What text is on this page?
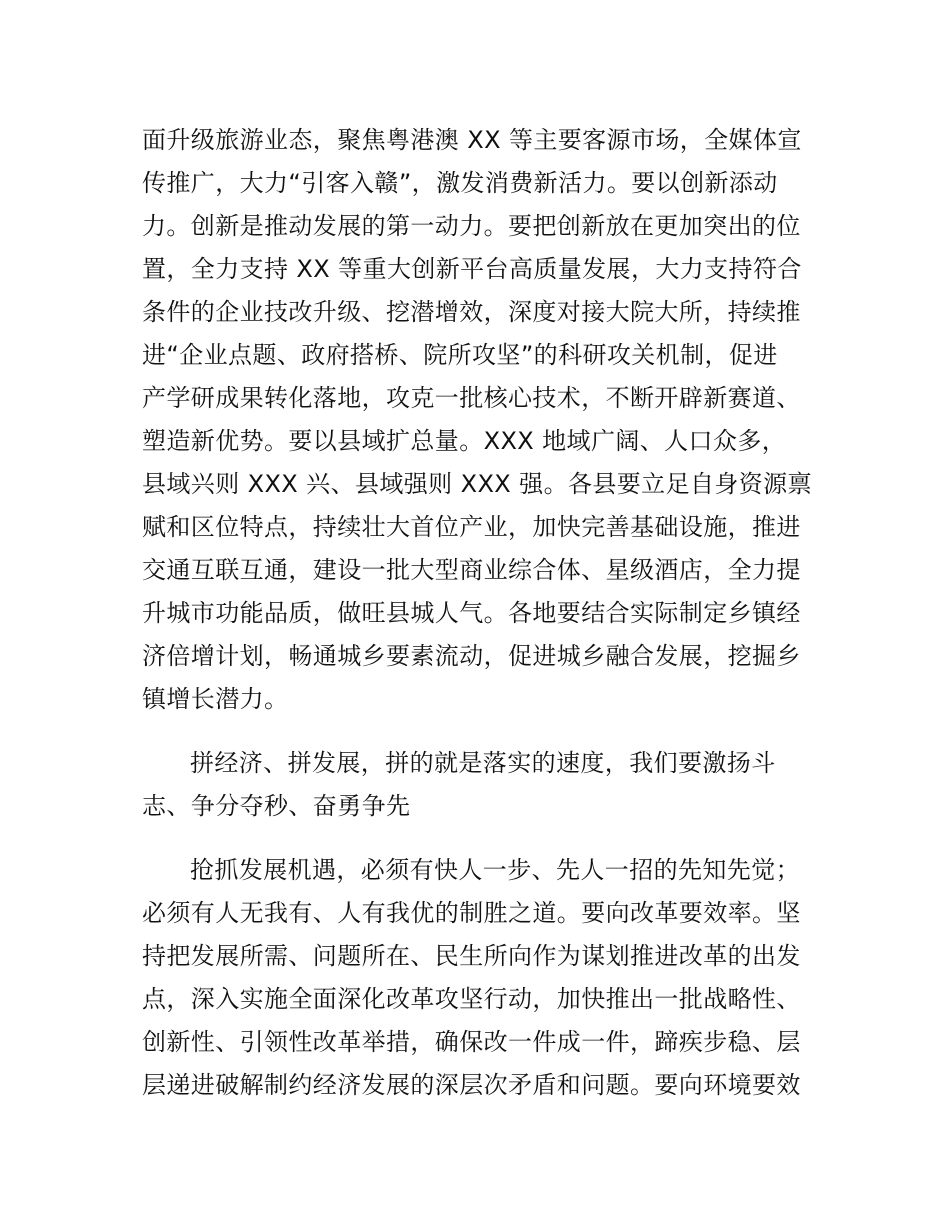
面升级旅游业态，聚焦粤港澳 XX 等主要客源市场，全媒体宣
传推广，大力“引客入赣”，激发消费新活力。要以创新添动
力。创新是推动发展的第一动力。要把创新放在更加突出的位
置，全力支持 XX 等重大创新平台高质量发展，大力支持符合
条件的企业技改升级、挖潜增效，深度对接大院大所，持续推
进“企业点题、政府搭桥、院所攻坚”的科研攻关机制，促进
产学研成果转化落地，攻克一批核心技术，不断开辟新赛道、
塑造新优势。要以县域扩总量。XXX 地域广阔、人口众多，
县域兴则 XXX 兴、县域强则 XXX 强。各县要立足自身资源禀
赋和区位特点，持续壮大首位产业，加快完善基础设施，推进
交通互联互通，建设一批大型商业综合体、星级酒店，全力提
升城市功能品质，做旺县城人气。各地要结合实际制定乡镇经
济倍增计划，畅通城乡要素流动，促进城乡融合发展，挖掘乡
镇增长潜力。
拼经济、拼发展，拼的就是落实的速度，我们要激扬斗
志、争分夺秒、奋勇争先
抢抓发展机遇，必须有快人一步、先人一招的先知先觉；
必须有人无我有、人有我优的制胜之道。要向改革要效率。坚
持把发展所需、问题所在、民生所向作为谋划推进改革的出发
点，深入实施全面深化改革攻坚行动，加快推出一批战略性、
创新性、引领性改革举措，确保改一件成一件，蹄疾步稳、层
层递进破解制约经济发展的深层次矛盾和问题。要向环境要效
